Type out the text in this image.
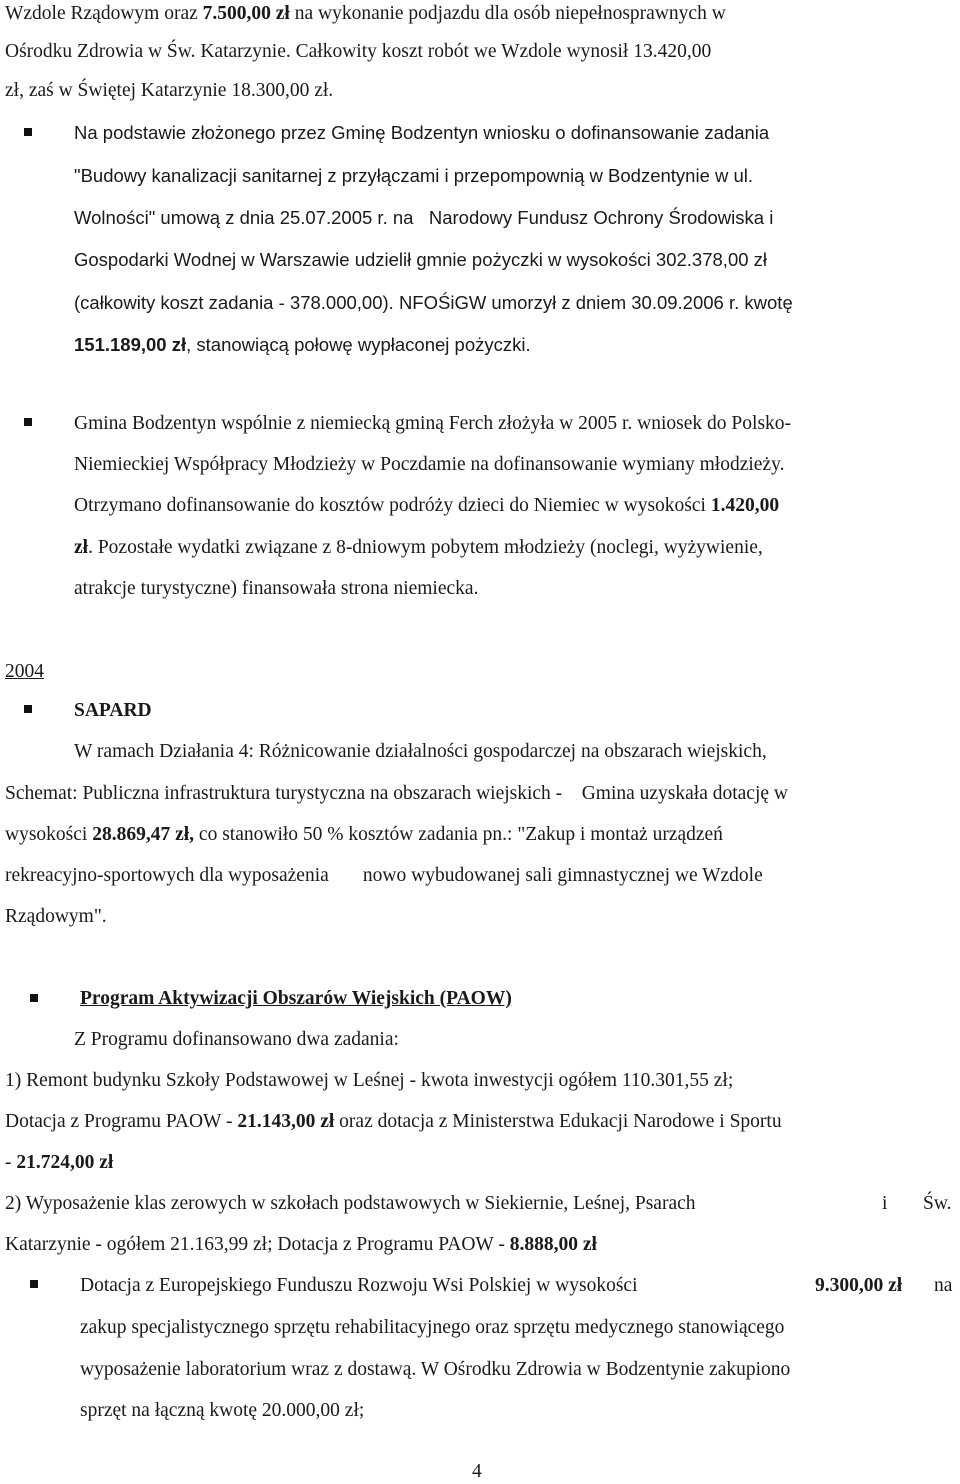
Wzdole Rządowym oraz 7.500,00 zł na wykonanie podjazdu dla osób niepełnosprawnych w
Ośrodku Zdrowia w Św. Katarzynie. Całkowity koszt robót we Wzdole wynosił 13.420,00
zł, zaś w Świętej Katarzynie 18.300,00 zł.
Na podstawie złożonego przez Gminę Bodzentyn wniosku o dofinansowanie zadania
"Budowy kanalizacji sanitarnej z przyłączami i przepompownią w Bodzentynie w ul.
Wolności" umową z dnia 25.07.2005 r. na Narodowy Fundusz Ochrony Środowiska i
Gospodarki Wodnej w Warszawie udzielił gmnie pożyczki w wysokości 302.378,00 zł
(całkowity koszt zadania - 378.000,00). NFOŚiGW umorzył z dniem 30.09.2006 r. kwotę
151.189,00 zł, stanowiącą połowę wypłaconej pożyczki.
Gmina Bodzentyn wspólnie z niemiecką gminą Ferch złożyła w 2005 r. wniosek do Polsko-
Niemieckiej Współpracy Młodzieży w Poczdamie na dofinansowanie wymiany młodzieży.
Otrzymano dofinansowanie do kosztów podróży dzieci do Niemiec w wysokości 1.420,00
zł. Pozostałe wydatki związane z 8-dniowym pobytem młodzieży (noclegi, wyżywienie,
atrakcje turystyczne) finansowała strona niemiecka.
2004
SAPARD
W ramach Działania 4: Różnicowanie działalności gospodarczej na obszarach wiejskich,
Schemat: Publiczna infrastruktura turystyczna na obszarach wiejskich - Gmina uzyskała dotację w
wysokości 28.869,47 zł, co stanowiło 50 % kosztów zadania pn.: "Zakup i montaż urządzeń
rekreacyjno-sportowych dla wyposażenia nowo wybudowanej sali gimnastycznej we Wzdole
Rządowym".
Program Aktywizacji Obszarów Wiejskich (PAOW)
Z Programu dofinansowano dwa zadania:
1) Remont budynku Szkoły Podstawowej w Leśnej - kwota inwestycji ogółem 110.301,55 zł;
Dotacja z Programu PAOW - 21.143,00 zł oraz dotacja z Ministerstwa Edukacji Narodowe i Sportu
- 21.724,00 zł
2) Wyposażenie klas zerowych w szkołach podstawowych w Siekiernie, Leśnej, Psarach	i Św.
Katarzynie - ogółem 21.163,99 zł; Dotacja z Programu PAOW - 8.888,00 zł
Dotacja z Europejskiego Funduszu Rozwoju Wsi Polskiej w wysokości	9.300,00 zł na
zakup specjalistycznego sprzętu rehabilitacyjnego oraz sprzętu medycznego stanowiącego
wyposażenie laboratorium wraz z dostawą. W Ośrodku Zdrowia w Bodzentynie zakupiono
sprzęt na łączną kwotę 20.000,00 zł;
4
